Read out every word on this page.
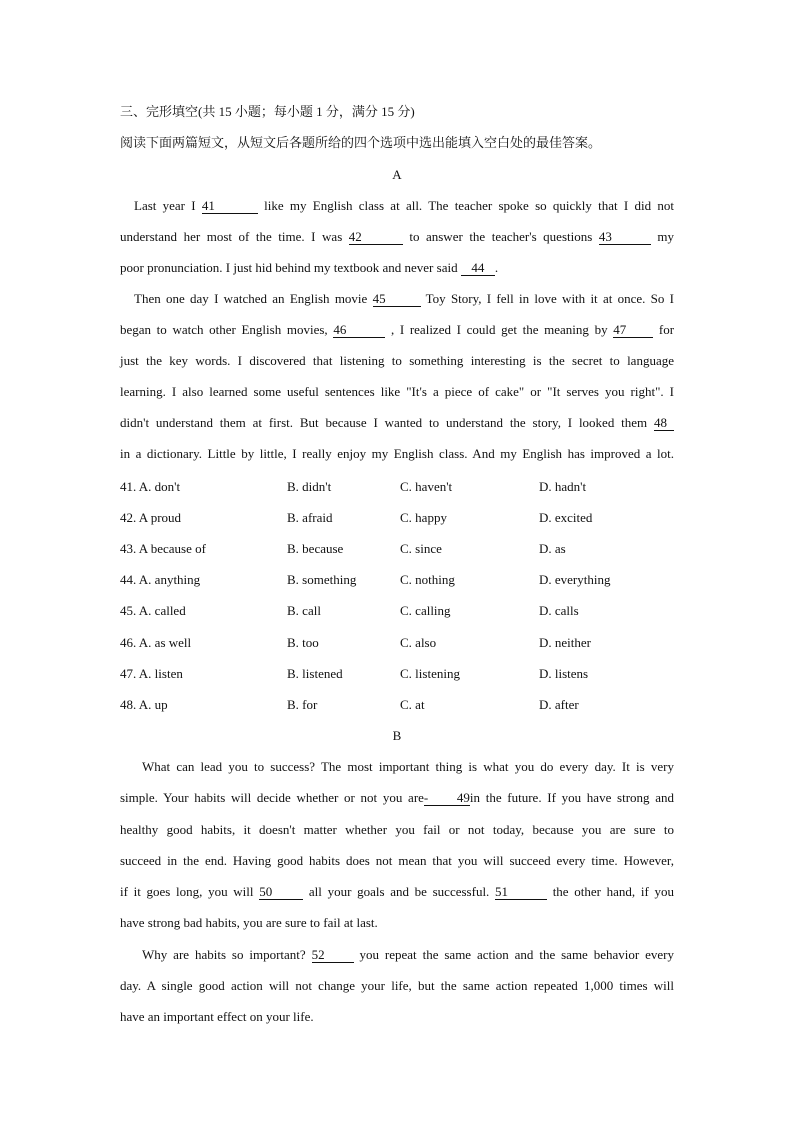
三、完形填空(共 15 小题；每小题 1 分，满分 15 分)
阅读下面两篇短文，从短文后各题所给的四个选项中选出能填入空白处的最佳答案。
A
Last year I 41	like my English class at all. The teacher spoke so quickly that I did not
understand her most of the time. I was 42	to answer the teacher's questions 43	my
poor pronunciation. I just hid behind my textbook and never said 44 .
Then one day I watched an English movie 45	Toy Story, I fell in love with it at once. So I
began to watch other English movies, 46	, I realized I could get the meaning by 47	for
just the key words. I discovered that listening to something interesting is the secret to language
learning. I also learned some useful sentences like "It's a piece of cake" or "It serves you right". I
didn't understand them at first. But because I wanted to understand the story, I looked them 48
in a dictionary. Little by little, I really enjoy my English class. And my English has improved a lot.
41. A. don't	B. didn't	C. haven't	D. hadn't
42. A proud	B. afraid	C. happy	D. excited
43. A because of	B. because	C. since	D. as
44. A. anything	B. something	C. nothing	D. everything
45. A. called	B. call	C. calling	D. calls
46. A. as well	B. too	C. also	D. neither
47. A. listen	B. listened	C. listening	D. listens
48. A. up	B. for	C. at	D. after
B
What can lead you to success? The most important thing is what you do every day. It is very
simple. Your habits will decide whether or not you are- 49in the future. If you have strong and
healthy good habits, it doesn't matter whether you fail or not today, because you are sure to
succeed in the end. Having good habits does not mean that you will succeed every time. However,
if it goes long, you will 50	all your goals and be successful. 51	the other hand, if you
have strong bad habits, you are sure to fail at last.
Why are habits so important? 52	you repeat the same action and the same behavior every
day. A single good action will not change your life, but the same action repeated 1,000 times will
have an important effect on your life.
